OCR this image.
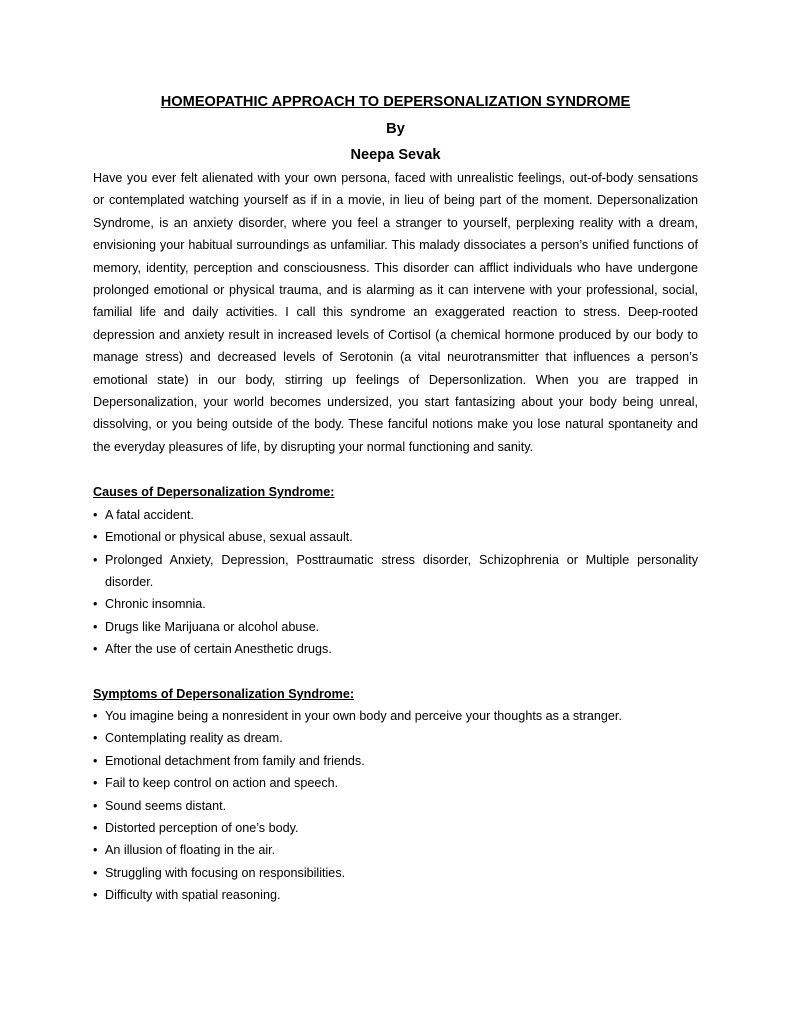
HOMEOPATHIC APPROACH TO DEPERSONALIZATION SYNDROME

By

Neepa Sevak

Have you ever felt alienated with your own persona, faced with unrealistic feelings, out-of-body sensations or contemplated watching yourself as if in a movie, in lieu of being part of the moment. Depersonalization Syndrome, is an anxiety disorder, where you feel a stranger to yourself, perplexing reality with a dream, envisioning your habitual surroundings as unfamiliar. This malady dissociates a person’s unified functions of memory, identity, perception and consciousness. This disorder can afflict individuals who have undergone prolonged emotional or physical trauma, and is alarming as it can intervene with your professional, social, familial life and daily activities. I call this syndrome an exaggerated reaction to stress. Deep-rooted depression and anxiety result in increased levels of Cortisol (a chemical hormone produced by our body to manage stress) and decreased levels of Serotonin (a vital neurotransmitter that influences a person’s emotional state) in our body, stirring up feelings of Depersonlization. When you are trapped in Depersonalization, your world becomes undersized, you start fantasizing about your body being unreal, dissolving, or you being outside of the body. These fanciful notions make you lose natural spontaneity and the everyday pleasures of life, by disrupting your normal functioning and sanity.

Causes of Depersonalization Syndrome:
• A fatal accident.
• Emotional or physical abuse, sexual assault.
• Prolonged Anxiety, Depression, Posttraumatic stress disorder, Schizophrenia or Multiple personality disorder.
• Chronic insomnia.
• Drugs like Marijuana or alcohol abuse.
• After the use of certain Anesthetic drugs.
Symptoms of Depersonalization Syndrome:
• You imagine being a nonresident in your own body and perceive your thoughts as a stranger.
• Contemplating reality as dream.
• Emotional detachment from family and friends.
• Fail to keep control on action and speech.
• Sound seems distant.
• Distorted perception of one’s body.
• An illusion of floating in the air.
• Struggling with focusing on responsibilities.
• Difficulty with spatial reasoning.
